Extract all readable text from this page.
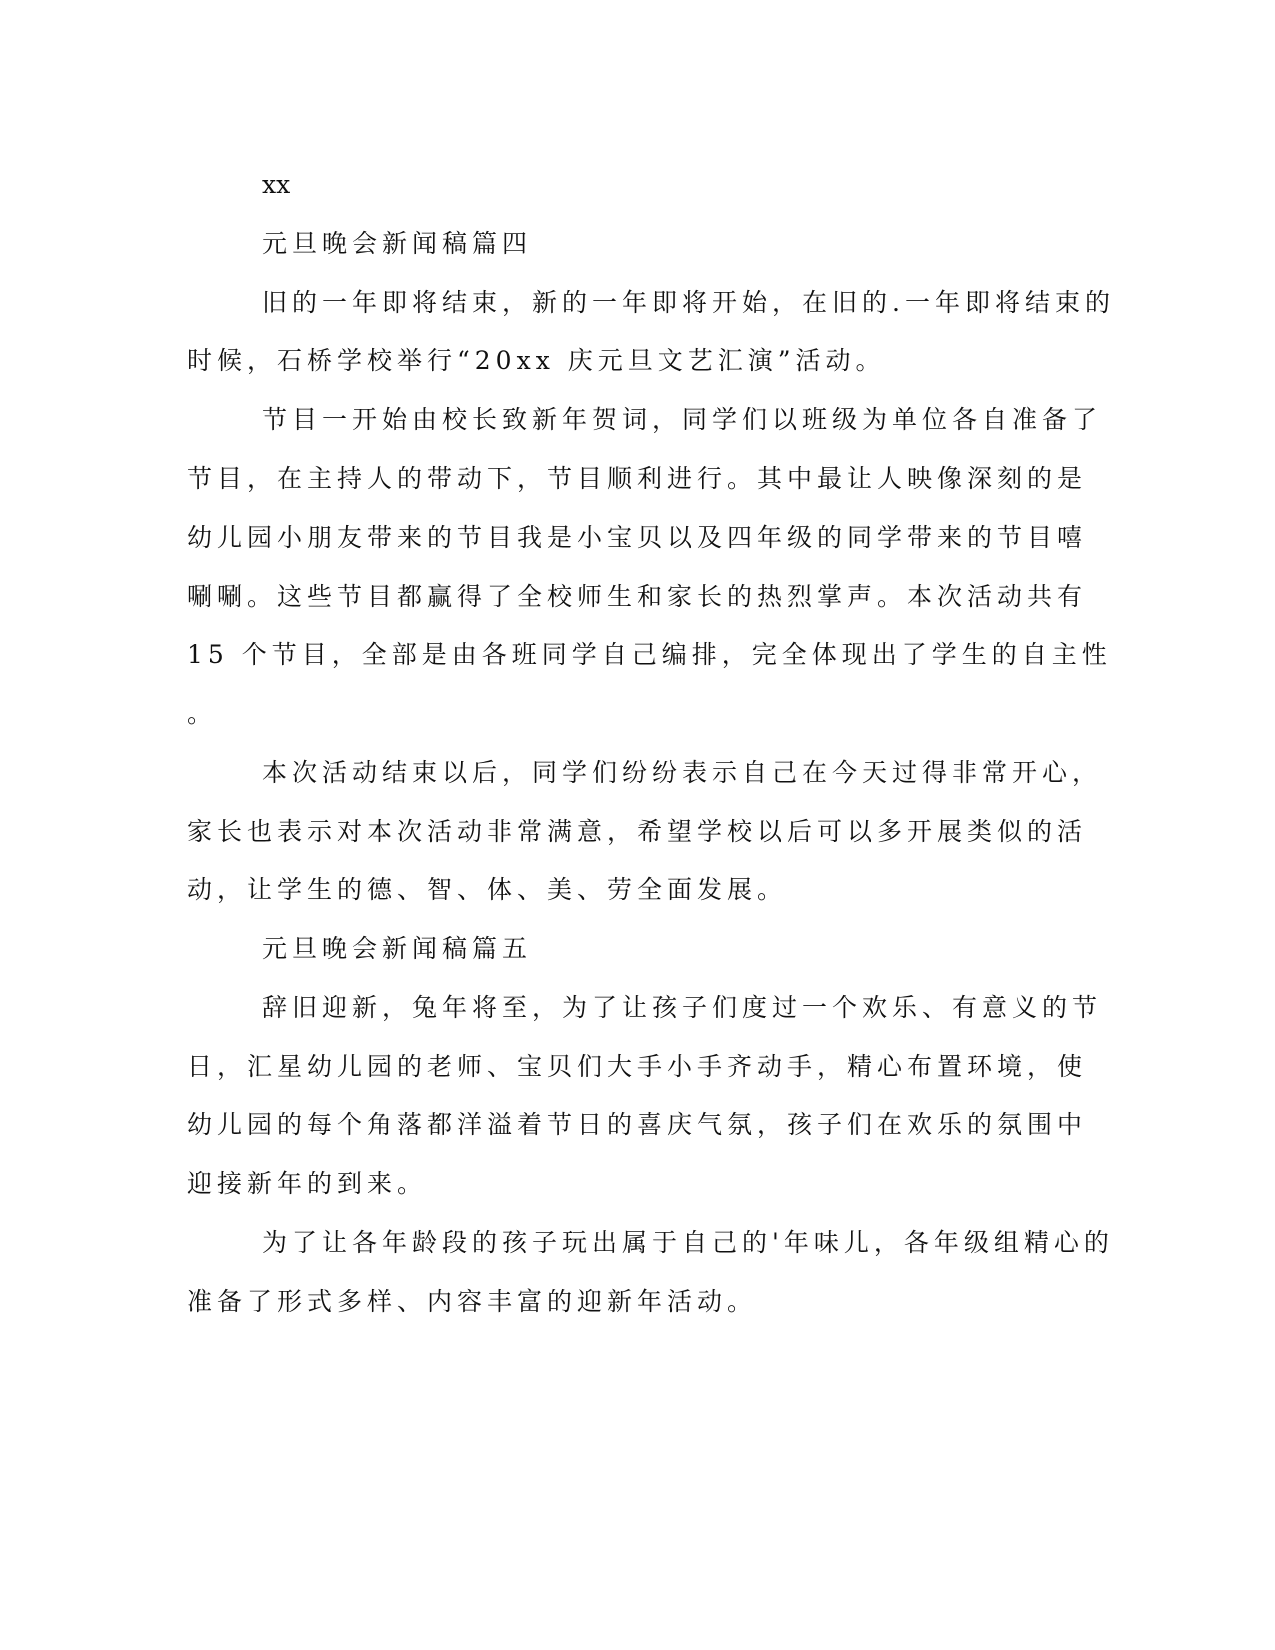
xx
元旦晚会新闻稿篇四
旧的一年即将结束，新的一年即将开始，在旧的.一年即将结束的
时候，石桥学校举行“20xx 庆元旦文艺汇演”活动。
节目一开始由校长致新年贺词，同学们以班级为单位各自准备了
节目，在主持人的带动下，节目顺利进行。其中最让人映像深刻的是
幼儿园小朋友带来的节目我是小宝贝以及四年级的同学带来的节目嘻
唰唰。这些节目都赢得了全校师生和家长的热烈掌声。本次活动共有
15 个节目，全部是由各班同学自己编排，完全体现出了学生的自主性
。
本次活动结束以后，同学们纷纷表示自己在今天过得非常开心，
家长也表示对本次活动非常满意，希望学校以后可以多开展类似的活
动，让学生的德、智、体、美、劳全面发展。
元旦晚会新闻稿篇五
辞旧迎新，兔年将至，为了让孩子们度过一个欢乐、有意义的节
日，汇星幼儿园的老师、宝贝们大手小手齐动手，精心布置环境，使
幼儿园的每个角落都洋溢着节日的喜庆气氛，孩子们在欢乐的氛围中
迎接新年的到来。
为了让各年龄段的孩子玩出属于自己的'年味儿，各年级组精心的
准备了形式多样、内容丰富的迎新年活动。
